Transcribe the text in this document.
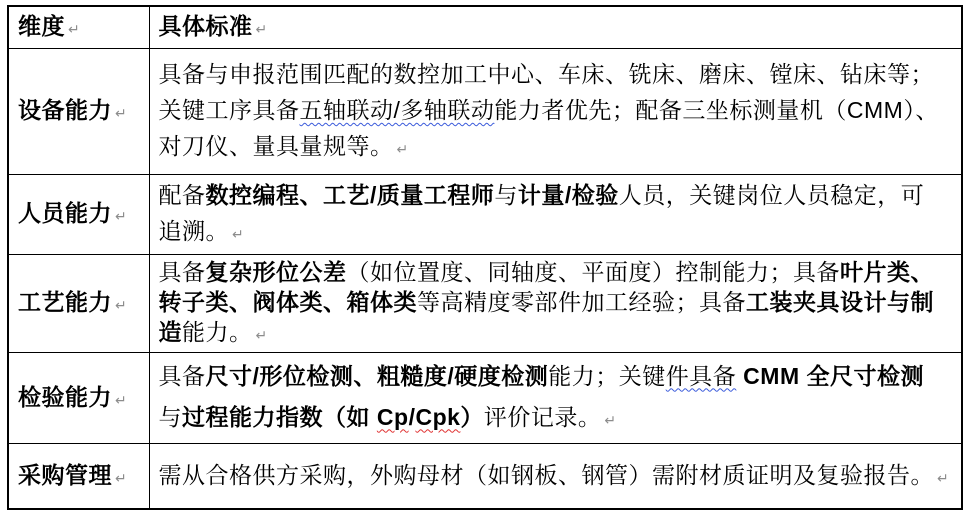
维度 ↵	具体标准 ↵

设备能力 ↵	具备与申报范围匹配的数控加工中心、车床、铣床、磨床、镗床、钻床等；
关键工序具备五轴联动/多轴联动能力者优先；配备三坐标测量机（CMM）、
对刀仪、量具量规等。 ↵

人员能力 ↵	配备数控编程、工艺/质量工程师与计量/检验人员，关键岗位人员稳定，可
追溯。 ↵

工艺能力 ↵	具备复杂形位公差（如位置度、同轴度、平面度）控制能力；具备叶片类、
转子类、阀体类、箱体类等高精度零部件加工经验；具备工装夹具设计与制
造能力。 ↵

检验能力 ↵	具备尺寸/形位检测、粗糙度/硬度检测能力；关键件具备 CMM 全尺寸检测
与过程能力指数（如 Cp/Cpk）评价记录。 ↵

采购管理 ↵	需从合格供方采购，外购母材（如钢板、钢管）需附材质证明及复验报告。 ↵
